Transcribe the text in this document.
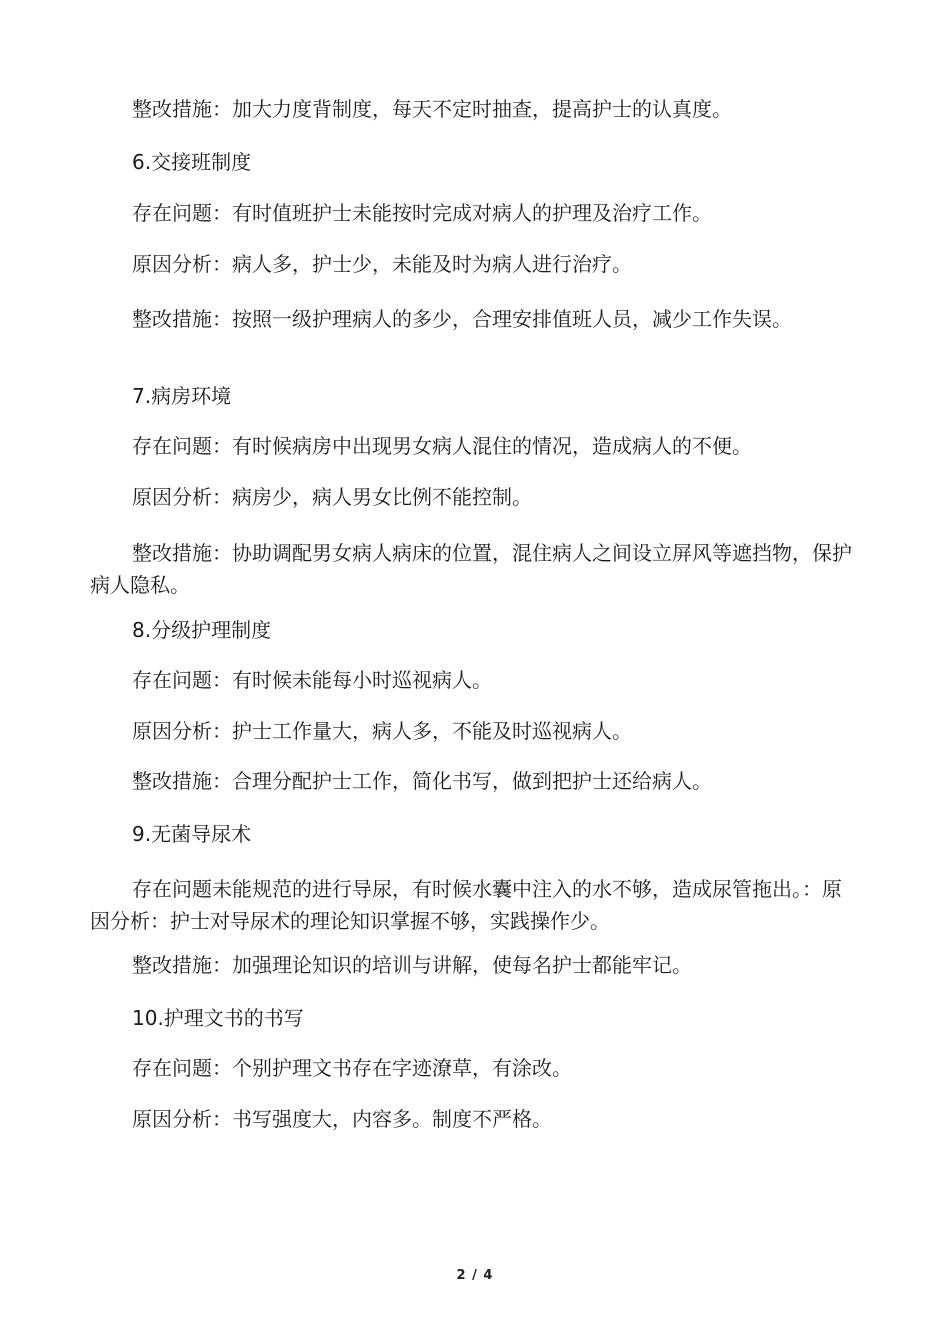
整改措施：加大力度背制度，每天不定时抽查，提高护士的认真度。

6.交接班制度

存在问题：有时值班护士未能按时完成对病人的护理及治疗工作。

原因分析：病人多，护士少，未能及时为病人进行治疗。

整改措施：按照一级护理病人的多少，合理安排值班人员，减少工作失误。

7.病房环境

存在问题：有时候病房中出现男女病人混住的情况，造成病人的不便。

原因分析：病房少，病人男女比例不能控制。

整改措施：协助调配男女病人病床的位置，混住病人之间设立屏风等遮挡物，保护病人隐私。

8.分级护理制度

存在问题：有时候未能每小时巡视病人。

原因分析：护士工作量大，病人多，不能及时巡视病人。

整改措施：合理分配护士工作，简化书写，做到把护士还给病人。

9.无菌导尿术

存在问题未能规范的进行导尿，有时候水囊中注入的水不够，造成尿管拖出。：原因分析：护士对导尿术的理论知识掌握不够，实践操作少。

整改措施：加强理论知识的培训与讲解，使每名护士都能牢记。

10.护理文书的书写

存在问题：个别护理文书存在字迹潦草，有涂改。

原因分析：书写强度大，内容多。制度不严格。

2 / 4
